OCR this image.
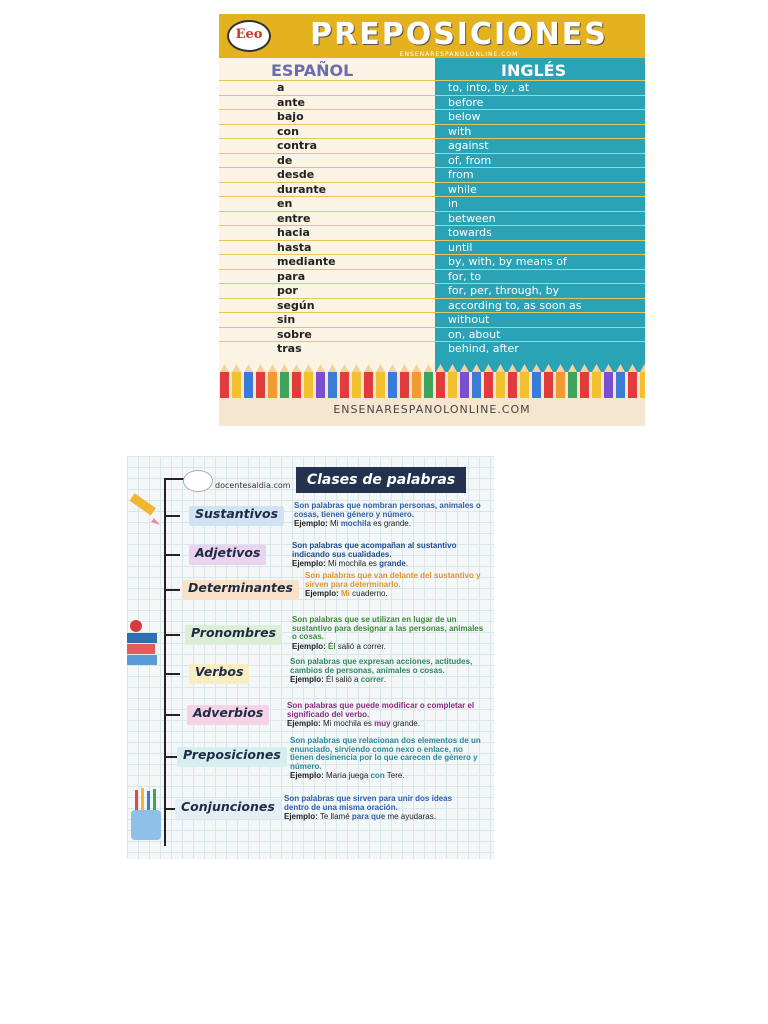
Eeo	PREPOSICIONES
ENSENARESPANOLONLINE.COM
ESPAÑOL	INGLÉS
a	to, into, by , at
ante	before
bajo	below
con	with
contra	against
de	of, from
desde	from
durante	while
en	in
entre	between
hacia	towards
hasta	until
mediante	by, with, by means of
para	for, to
por	for, per, through, by
según	according to, as soon as
sin	without
sobre	on, about
tras	behind, after
ENSENARESPANOLONLINE.COM
docentesaldia.com	Clases de palabras
Sustantivos
Son palabras que nombran personas, animales o cosas, tienen género y número.
Ejemplo: Mi mochila es grande.
Adjetivos	Son palabras que acompañan al sustantivo indicando sus cualidades.
Ejemplo: Mi mochila es grande.
Determinantes
Son palabras que van delante del sustantivo y sirven para determinarlo.
Ejemplo: Mi cuaderno.
Pronombres
Son palabras que se utilizan en lugar de un sustantivo para designar a las personas, animales o cosas.
Ejemplo: Él salió a correr.
Verbos
Son palabras que expresan acciones, actitudes, cambios de personas, animales o cosas.
Ejemplo: Él salió a correr.
Adverbios	Son palabras que puede modificar o completar el significado del verbo.
Ejemplo: Mi mochila es muy grande.
Preposiciones
Son palabras que relacionan dos elementos de un enunciado, sirviendo como nexo o enlace, no tienen desinencia por lo que carecen de género y número.
Ejemplo: María juega con Tere.
Conjunciones
Son palabras que sirven para unir dos ideas dentro de una misma oración.
Ejemplo: Te llamé para que me ayudaras.
